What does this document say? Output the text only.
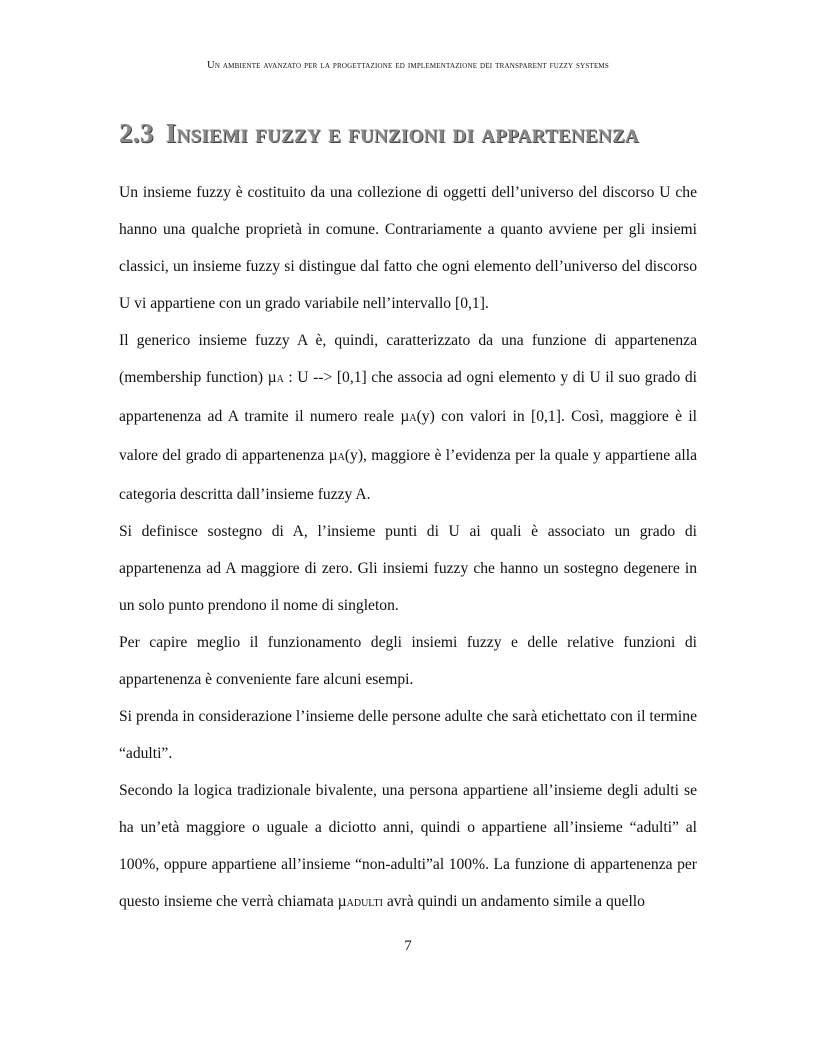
Un ambiente avanzato per la progettazione ed implementazione dei transparent fuzzy systems
2.3 Insiemi fuzzy e funzioni di appartenenza

Un insieme fuzzy è costituito da una collezione di oggetti dell’universo del discorso U che hanno una qualche proprietà in comune. Contrariamente a quanto avviene per gli insiemi classici, un insieme fuzzy si distingue dal fatto che ogni elemento dell’universo del discorso U vi appartiene con un grado variabile nell’intervallo [0,1].

Il generico insieme fuzzy A è, quindi, caratterizzato da una funzione di appartenenza (membership function) µA : U --> [0,1] che associa ad ogni elemento y di U il suo grado di appartenenza ad A tramite il numero reale µA(y) con valori in [0,1]. Così, maggiore è il valore del grado di appartenenza µA(y), maggiore è l’evidenza per la quale y appartiene alla categoria descritta dall’insieme fuzzy A.

Si definisce sostegno di A, l’insieme punti di U ai quali è associato un grado di appartenenza ad A maggiore di zero. Gli insiemi fuzzy che hanno un sostegno degenere in un solo punto prendono il nome di singleton.

Per capire meglio il funzionamento degli insiemi fuzzy e delle relative funzioni di appartenenza è conveniente fare alcuni esempi.

Si prenda in considerazione l’insieme delle persone adulte che sarà etichettato con il termine “adulti”.

Secondo la logica tradizionale bivalente, una persona appartiene all’insieme degli adulti se ha un’età maggiore o uguale a diciotto anni, quindi o appartiene all’insieme “adulti” al 100%, oppure appartiene all’insieme “non-adulti”al 100%. La funzione di appartenenza per questo insieme che verrà chiamata µADULTI avrà quindi un andamento simile a quello

7
